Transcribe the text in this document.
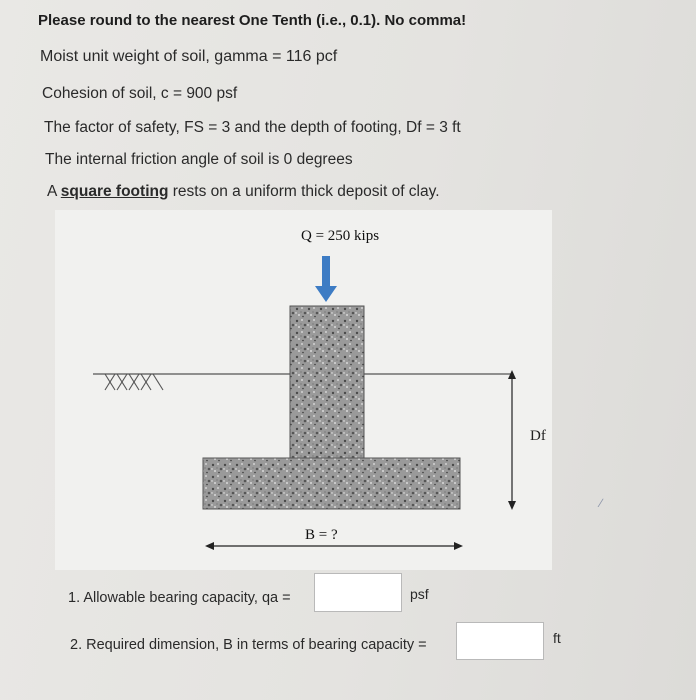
Please round to the nearest One Tenth (i.e., 0.1). No comma!
Moist unit weight of soil, gamma = 116 pcf
Cohesion of soil, c = 900 psf
The factor of safety, FS = 3 and the depth of footing, Df = 3 ft
The internal friction angle of soil is 0 degrees
A square footing rests on a uniform thick deposit of clay.
Q = 250 kips
B = ?
Df
1. Allowable bearing capacity, qa =	psf
2. Required dimension, B in terms of bearing capacity =	ft
∕
